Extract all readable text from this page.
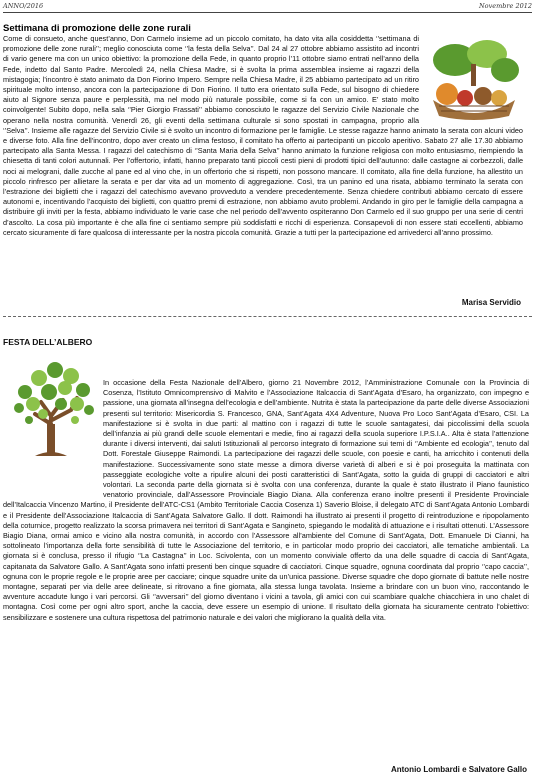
ANNO/2016	Novembre 2012
Settimana di promozione delle zone rurali

Come di consueto, anche quest’anno, Don Carmelo insieme ad un piccolo comitato, ha dato vita alla cosiddetta ‘’settimana di promozione delle zone rurali’’; meglio conosciuta come ‘’la festa della Selva’’. Dal 24 al 27 ottobre abbiamo assistito ad incontri di vario genere ma con un unico obiettivo: la promozione della Fede, in quanto proprio l’11 ottobre siamo entrati nell’anno della Fede, indetto dal Santo Padre. Mercoledì 24, nella Chiesa Madre, si è svolta la prima assemblea insieme ai ragazzi della mistagogia; l’incontro è stato animato da Don Fiorino Impero. Sempre nella Chiesa Madre, il 25 abbiamo partecipato ad un ritiro spirituale molto intenso, ancora con la partecipazione di Don Fiorino. Il tutto era orientato sulla Fede, sul bisogno di chiedere aiuto al Signore senza paure e perplessità, ma nel modo più naturale possibile, come si fa con un amico. E’ stato molto coinvolgente! Subito dopo, nella sala ‘’Pier Giorgio Frassati’’ abbiamo conosciuto le ragazze del Servizio Civile Nazionale che operano nella nostra comunità. Venerdì 26, gli eventi della settimana culturale si sono spostati in campagna, proprio alla ‘’Selva’’. Insieme alle ragazze del Servizio Civile si è svolto un incontro di formazione per le famiglie. Le stesse ragazze hanno animato la serata con alcuni video e diverse foto. Alla fine dell’incontro, dopo aver creato un clima festoso, il comitato ha offerto ai partecipanti un piccolo aperitivo. Sabato 27 alle 17.30 abbiamo partecipato alla Santa Messa. I ragazzi del catechismo di ‘’Santa Maria della Selva’’ hanno animato la funzione religiosa con molto entusiasmo, riempiendo la chiesetta di tanti colori autunnali. Per l’offertorio, infatti, hanno preparato tanti piccoli cesti pieni di prodotti tipici dell’autunno: dalle castagne ai corbezzoli, dalle noci ai melograni, dalle zucche al pane ed al vino che, in un offertorio che si rispetti, non possono mancare. Il comitato, alla fine della funzione, ha allestito un piccolo rinfresco per allietare la serata e per dar vita ad un momento di aggregazione. Così, tra un panino ed una risata, abbiamo terminato la serata con l’estrazione dei biglietti che i ragazzi del catechismo avevano provveduto a vendere precedentemente. Senza chiedere contributi abbiamo cercato di essere autonomi e, incentivando l’acquisto dei biglietti, con quattro premi di estrazione, non abbiamo avuto problemi. Andando in giro per le famiglie della campagna a distribuire gli inviti per la festa, abbiamo individuato le varie case che nel periodo dell’avvento ospiteranno Don Carmelo ed il suo gruppo per una serie di centri d’ascolto. La cosa più importante è che alla fine ci sentiamo sempre più soddisfatti e ricchi di esperienza. Consapevoli di non essere stati eccellenti, abbiamo cercato sicuramente di fare qualcosa di interessante per la nostra piccola comunità. Grazie a tutti per la partecipazione ed arrivederci all’anno prossimo.

Marisa Servidio

FESTA DELL’ALBERO

In occasione della Festa Nazionale dell’Albero, giorno 21 Novembre 2012, l’Amministrazione Comunale con la Provincia di Cosenza, l’Istituto Omnicomprensivo di Malvito e l’Associazione Italcaccia di Sant’Agata d’Esaro, ha organizzato, con impegno e passione, una giornata all’insegna dell’ecologia e dell’ambiente. Nutrita è stata la partecipazione da parte delle diverse Associazioni presenti sul territorio: Misericordia S. Francesco, GNA, Sant’Agata 4X4 Adventure, Nuova Pro Loco Sant’Agata d’Esaro, CSI. La manifestazione si è svolta in due parti: al mattino con i ragazzi di tutte le scuole santagatesi, dai piccolissimi della scuola dell’infanzia ai più grandi delle scuole elementari e medie, fino ai ragazzi della scuola superiore I.P.S.I.A.. Alta è stata l’attenzione durante i diversi interventi, dai saluti Istituzionali al percorso integrato di formazione sui temi di ‘’Ambiente ed ecologia’’, tenuto dal Dott. Forestale Giuseppe Raimondi. La partecipazione dei ragazzi delle scuole, con poesie e canti, ha arricchito i contenuti della manifestazione. Successivamente sono state messe a dimora diverse varietà di alberi e si è poi proseguita la mattinata con passeggiate ecologiche volte a ripulire alcuni dei posti caratteristici di Sant’Agata, sotto la guida di gruppi di cacciatori e altri volontari. La seconda parte della giornata si è svolta con una conferenza, durante la quale è stato illustrato il Piano faunistico venatorio provinciale, dall’Assessore Provinciale Biagio Diana. Alla conferenza erano inoltre presenti il Presidente Provinciale dell’Italcaccia Vincenzo Martino, il Presidente dell’ATC-CS1 (Ambito Territoriale Caccia Cosenza 1) Saverio Bloise, il delegato ATC di Sant’Agata Antonio Lombardi e il Presidente dell’Associazione Italcaccia di Sant’Agata Salvatore Gallo. Il dott. Raimondi ha illustrato ai presenti il progetto di reintroduzione e ripopolamento della coturnice, progetto realizzato la scorsa primavera nei territori di Sant’Agata e Sangineto, spiegando le modalità di attuazione e i risultati ottenuti. L’Assessore Biagio Diana, ormai amico e vicino alla nostra comunità, in accordo con l’Assessore all’ambiente del Comune di Sant’Agata, Dott. Emanuele Di Cianni, ha sottolineato l’importanza della forte sensibilità di tutte le Associazione del territorio, e in particolar modo proprio dei cacciatori, alle tematiche ambientali. La giornata si è conclusa, presso il rifugio ‘’La Castagna’’ in Loc. Scivolenta, con un momento conviviale offerto da una delle squadre di caccia di Sant’Agata, capitanata da Salvatore Gallo. A Sant’Agata sono infatti presenti ben cinque squadre di cacciatori. Cinque squadre, ognuna coordinata dal proprio ‘’capo caccia’’, ognuna con le proprie regole e le proprie aree per cacciare; cinque squadre unite da un’unica passione. Diverse squadre che dopo giornate di battute nelle nostre montagne, separati per via delle aree delineate, si ritrovano a fine giornata, alla stessa lunga tavolata. Insieme a brindare con un buon vino, raccontando le avventure accadute lungo i vari percorsi. Gli ‘’avversari’’ del giorno diventano i vicini a tavola, gli amici con cui scambiare qualche chiacchiera in uno chalet di montagna. Così come per ogni altro sport, anche la caccia, deve essere un esempio di unione. Il risultato della giornata ha sicuramente centrato l’obiettivo: sensibilizzare e sostenere una cultura rispettosa del patrimonio naturale e dei valori che migliorano la qualità della vita.

Antonio Lombardi e Salvatore Gallo
